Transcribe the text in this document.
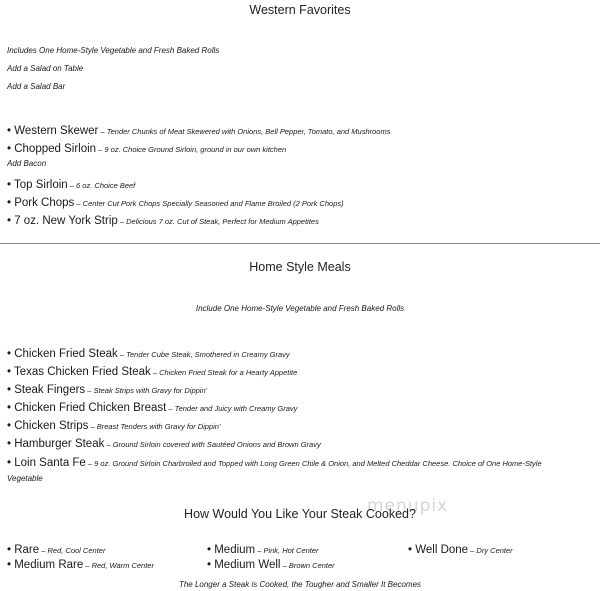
Western Favorites
Includes One Home-Style Vegetable and Fresh Baked Rolls
Add a Salad on Table
Add a Salad Bar
• Western Skewer – Tender Chunks of Meat Skewered with Onions, Bell Pepper, Tomato, and Mushrooms
• Chopped Sirloin – 9 oz. Choice Ground Sirloin, ground in our own kitchen
Add Bacon
• Top Sirloin – 6 oz. Choice Beef
• Pork Chops – Center Cut Pork Chops Specially Seasoned and Flame Broiled (2 Pork Chops)
• 7 oz. New York Strip – Delicious 7 oz. Cut of Steak, Perfect for Medium Appetites
Home Style Meals
Include One Home-Style Vegetable and Fresh Baked Rolls
• Chicken Fried Steak – Tender Cube Steak, Smothered in Creamy Gravy
• Texas Chicken Fried Steak – Chicken Fried Steak for a Hearty Appetite
• Steak Fingers – Steak Strips with Gravy for Dippin'
• Chicken Fried Chicken Breast – Tender and Juicy with Creamy Gravy
• Chicken Strips – Breast Tenders with Gravy for Dippin'
• Hamburger Steak – Ground Sirloin covered with Sautéed Onions and Brown Gravy
• Loin Santa Fe – 9 oz. Ground Sirloin Charbroiled and Topped with Long Green Chile & Onion, and Melted Cheddar Cheese. Choice of One Home-Style
Vegetable
menupix
How Would You Like Your Steak Cooked?
• Rare – Red, Cool Center
• Medium Rare – Red, Warm Center
• Medium – Pink, Hot Center
• Medium Well – Brown Center
• Well Done – Dry Center
The Longer a Steak is Cooked, the Tougher and Smaller It Becomes
